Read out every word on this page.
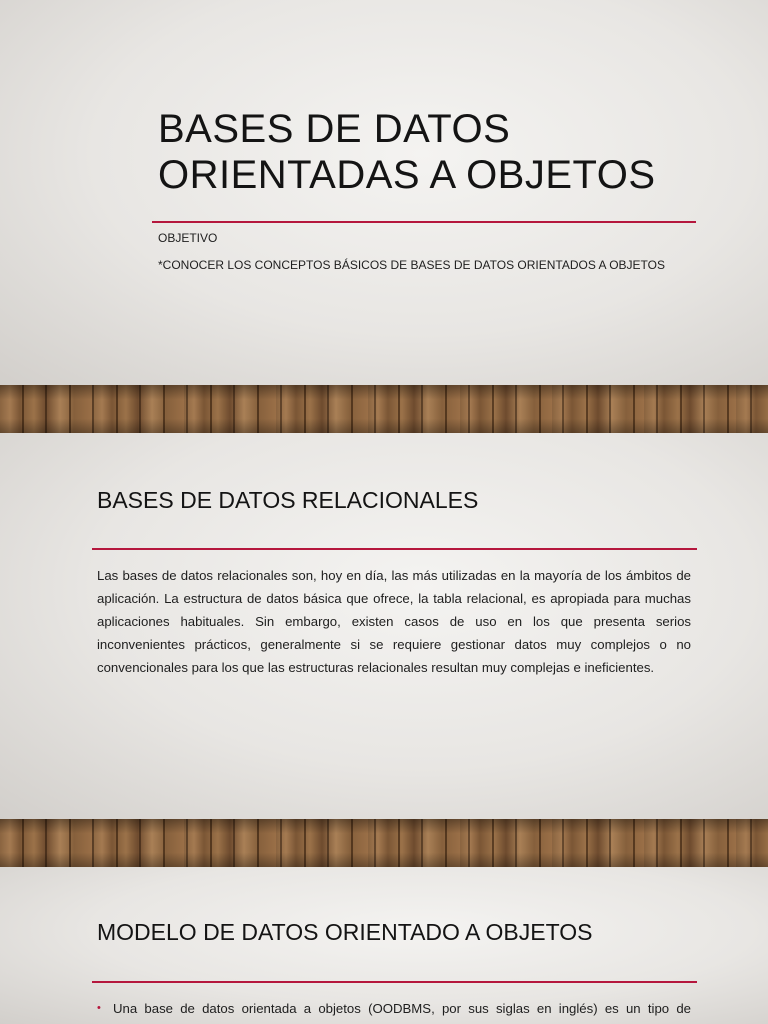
BASES DE DATOS
ORIENTADAS A OBJETOS
OBJETIVO
*CONOCER LOS CONCEPTOS BÁSICOS DE BASES DE DATOS ORIENTADOS A OBJETOS
BASES DE DATOS RELACIONALES

Las bases de datos relacionales son, hoy en día, las más utilizadas en la mayoría de los ámbitos de aplicación. La estructura de datos básica que ofrece, la tabla relacional, es apropiada para muchas aplicaciones habituales. Sin embargo, existen casos de uso en los que presenta serios inconvenientes prácticos, generalmente si se requiere gestionar datos muy complejos o no convencionales para los que las estructuras relacionales resultan muy complejas e ineficientes.

MODELO DE DATOS ORIENTADO A OBJETOS
• Una base de datos orientada a objetos (OODBMS, por sus siglas en inglés) es un tipo de
